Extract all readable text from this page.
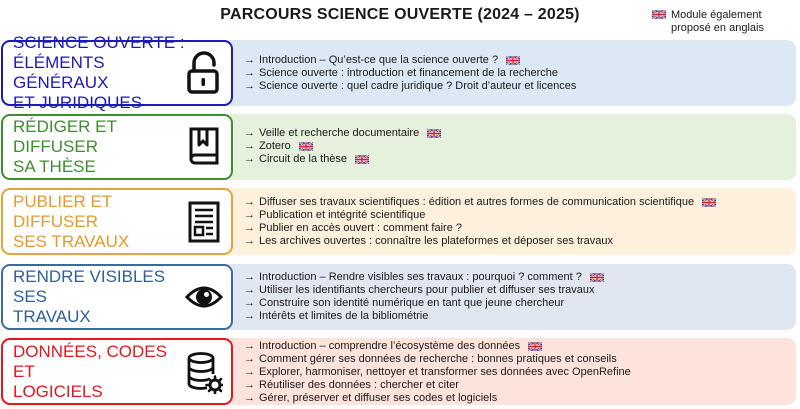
PARCOURS SCIENCE OUVERTE (2024 – 2025)	Module également
proposé en anglais
→ Introduction – Qu’est-ce que la science ouverte ?
→ Science ouverte : introduction et financement de la recherche
→ Science ouverte : quel cadre juridique ? Droit d’auteur et licences
SCIENCE OUVERTE :
ÉLÉMENTS GÉNÉRAUX
ET JURIDIQUES
→ Veille et recherche documentaire
→ Zotero
→ Circuit de la thèse
RÉDIGER ET DIFFUSER
SA THÈSE
→ Diffuser ses travaux scientifiques : édition et autres formes de communication scientifique
→ Publication et intégrité scientifique
→ Publier en accès ouvert : comment faire ?
→ Les archives ouvertes : connaître les plateformes et déposer ses travaux
PUBLIER ET DIFFUSER
SES TRAVAUX
→ Introduction – Rendre visibles ses travaux : pourquoi ? comment ?
→ Utiliser les identifiants chercheurs pour publier et diffuser ses travaux
→ Construire son identité numérique en tant que jeune chercheur
→ Intérêts et limites de la bibliométrie
RENDRE VISIBLES SES
TRAVAUX
→ Introduction – comprendre l’écosystème des données
→ Comment gérer ses données de recherche : bonnes pratiques et conseils
→ Explorer, harmoniser, nettoyer et transformer ses données avec OpenRefine
→ Réutiliser des données : chercher et citer
→ Gérer, préserver et diffuser ses codes et logiciels
DONNÉES, CODES ET
LOGICIELS
